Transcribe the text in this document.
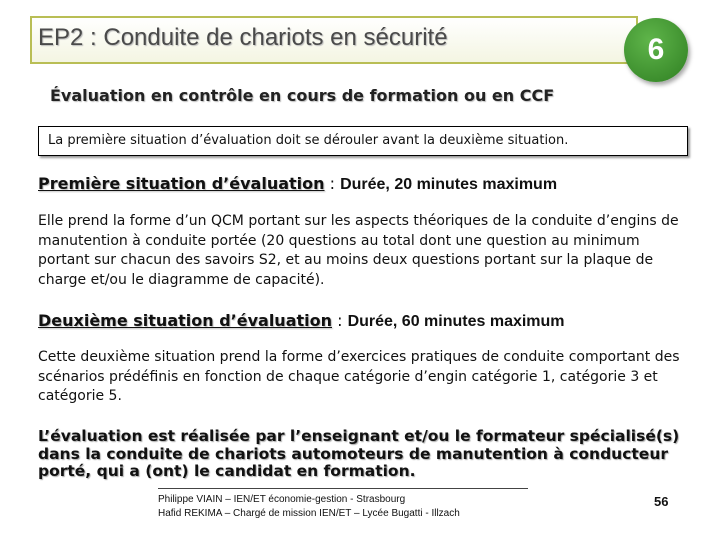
EP2 : Conduite de chariots en sécurité	6
Évaluation en contrôle en cours de formation ou en CCF
La première situation d’évaluation doit se dérouler avant la deuxième situation.
Première situation d’évaluation : Durée, 20 minutes maximum
Elle prend la forme d’un QCM portant sur les aspects théoriques de la conduite d’engins de manutention à conduite portée (20 questions au total dont une question au minimum portant sur chacun des savoirs S2, et au moins deux questions portant sur la plaque de charge et/ou le diagramme de capacité).
Deuxième situation d’évaluation : Durée, 60 minutes maximum
Cette deuxième situation prend la forme d’exercices pratiques de conduite comportant des scénarios prédéfinis en fonction de chaque catégorie d’engin catégorie 1, catégorie 3 et catégorie 5.
L’évaluation est réalisée par l’enseignant et/ou le formateur spécialisé(s) dans la conduite de chariots automoteurs de manutention à conducteur porté, qui a (ont) le candidat en formation.
Philippe VIAIN – IEN/ET économie-gestion - Strasbourg
Hafid REKIMA – Chargé de mission IEN/ET – Lycée Bugatti - Illzach
56
